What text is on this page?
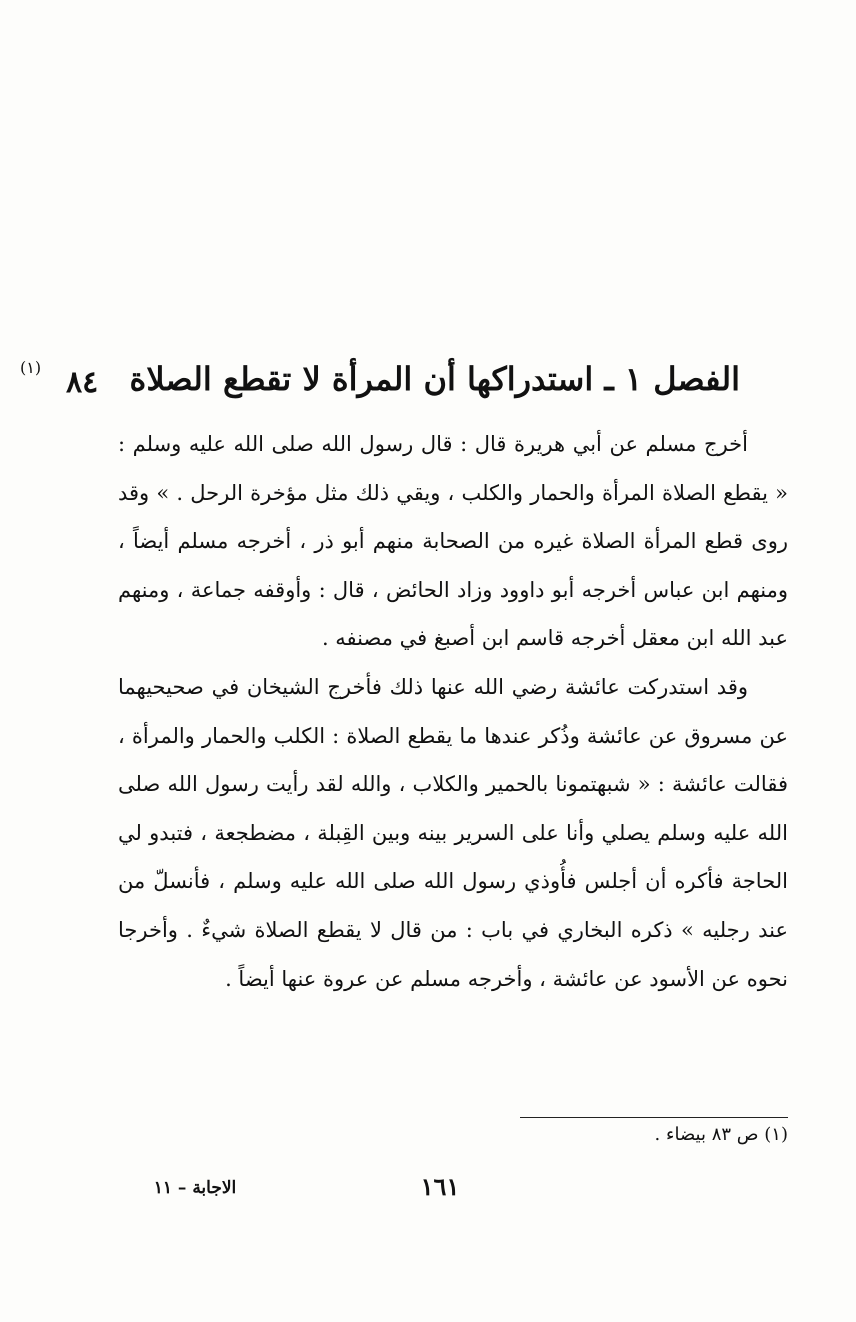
٨٤
(١)	الفصل ١ ـ استدراكها أن المرأة لا تقطع الصلاة

أخرج مسلم عن أبي هريرة قال : قال رسول الله صلى الله عليه وسلم : « يقطع الصلاة المرأة والحمار والكلب ، ويقي ذلك مثل مؤخرة الرحل . » وقد روى قطع المرأة الصلاة غيره من الصحابة منهم أبو ذر ، أخرجه مسلم أيضاً ، ومنهم ابن عباس أخرجه أبو داوود وزاد الحائض ، قال : وأوقفه جماعة ، ومنهم عبد الله ابن معقل أخرجه قاسم ابن أصبغ في مصنفه .

وقد استدركت عائشة رضي الله عنها ذلك فأخرج الشيخان في صحيحيهما عن مسروق عن عائشة وذُكر عندها ما يقطع الصلاة : الكلب والحمار والمرأة ، فقالت عائشة : « شبهتمونا بالحمير والكلاب ، والله لقد رأيت رسول الله صلى الله عليه وسلم يصلي وأنا على السرير بينه وبين القِبلة ، مضطجعة ، فتبدو لي الحاجة فأكره أن أجلس فأُوذي رسول الله صلى الله عليه وسلم ، فأنسلّ من عند رجليه » ذكره البخاري في باب : من قال لا يقطع الصلاة شيءٌ . وأخرجا نحوه عن الأسود عن عائشة ، وأخرجه مسلم عن عروة عنها أيضاً .

(١) ص ٨٣ بيضاء .
١٦١
الاجابة – ١١
